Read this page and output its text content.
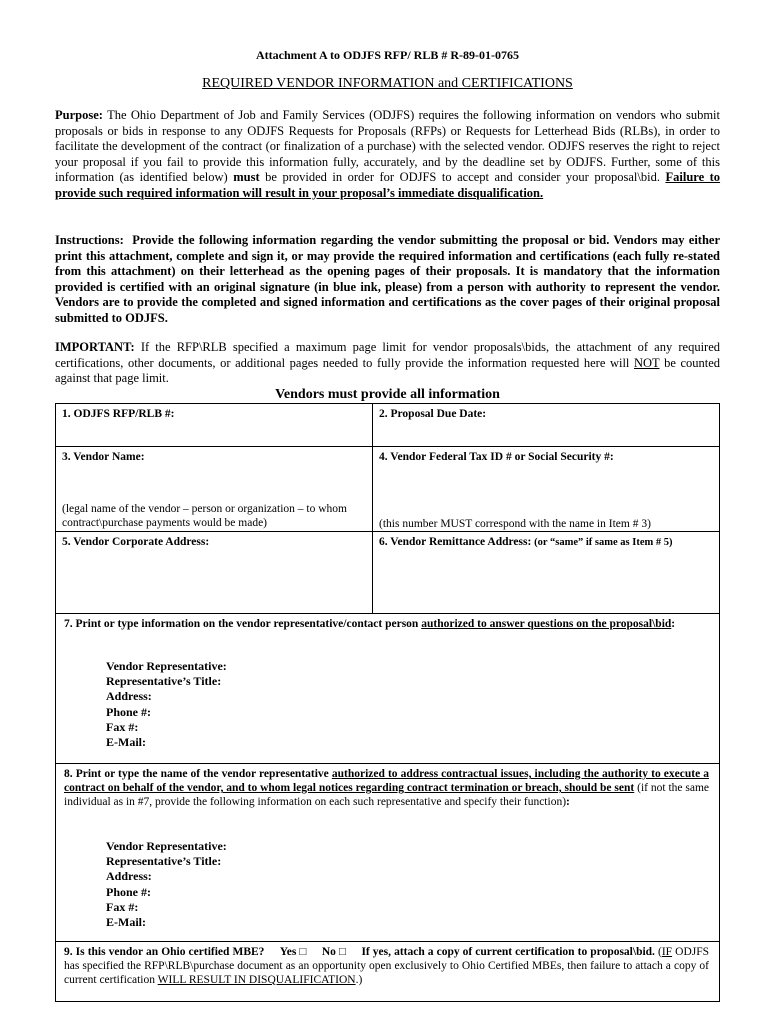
Attachment A to ODJFS RFP/ RLB # R-89-01-0765
REQUIRED VENDOR INFORMATION and CERTIFICATIONS
Purpose: The Ohio Department of Job and Family Services (ODJFS) requires the following information on vendors who submit proposals or bids in response to any ODJFS Requests for Proposals (RFPs) or Requests for Letterhead Bids (RLBs), in order to facilitate the development of the contract (or finalization of a purchase) with the selected vendor. ODJFS reserves the right to reject your proposal if you fail to provide this information fully, accurately, and by the deadline set by ODJFS. Further, some of this information (as identified below) must be provided in order for ODJFS to accept and consider your proposal\bid. Failure to provide such required information will result in your proposal’s immediate disqualification.
Instructions: Provide the following information regarding the vendor submitting the proposal or bid. Vendors may either print this attachment, complete and sign it, or may provide the required information and certifications (each fully re-stated from this attachment) on their letterhead as the opening pages of their proposals. It is mandatory that the information provided is certified with an original signature (in blue ink, please) from a person with authority to represent the vendor. Vendors are to provide the completed and signed information and certifications as the cover pages of their original proposal submitted to ODJFS.
IMPORTANT: If the RFP\RLB specified a maximum page limit for vendor proposals\bids, the attachment of any required certifications, other documents, or additional pages needed to fully provide the information requested here will NOT be counted against that page limit.
Vendors must provide all information
1. ODJFS RFP/RLB #:	2. Proposal Due Date:
3. Vendor Name:
(legal name of the vendor – person or organization – to whom contract\purchase payments would be made)
4. Vendor Federal Tax ID # or Social Security #:
(this number MUST correspond with the name in Item # 3)
5. Vendor Corporate Address:	6. Vendor Remittance Address: (or “same” if same as Item # 5)
7. Print or type information on the vendor representative/contact person authorized to answer questions on the proposal\bid:
Vendor Representative:
Representative’s Title:
Address:
Phone #:
Fax #:
E-Mail:
8. Print or type the name of the vendor representative authorized to address contractual issues, including the authority to execute a contract on behalf of the vendor, and to whom legal notices regarding contract termination or breach, should be sent (if not the same individual as in #7, provide the following information on each such representative and specify their function):
Vendor Representative:
Representative’s Title:
Address:
Phone #:
Fax #:
E-Mail:
9. Is this vendor an Ohio certified MBE? Yes □ No □ If yes, attach a copy of current certification to proposal\bid. (IF ODJFS has specified the RFP\RLB\purchase document as an opportunity open exclusively to Ohio Certified MBEs, then failure to attach a copy of current certification WILL RESULT IN DISQUALIFICATION.)
